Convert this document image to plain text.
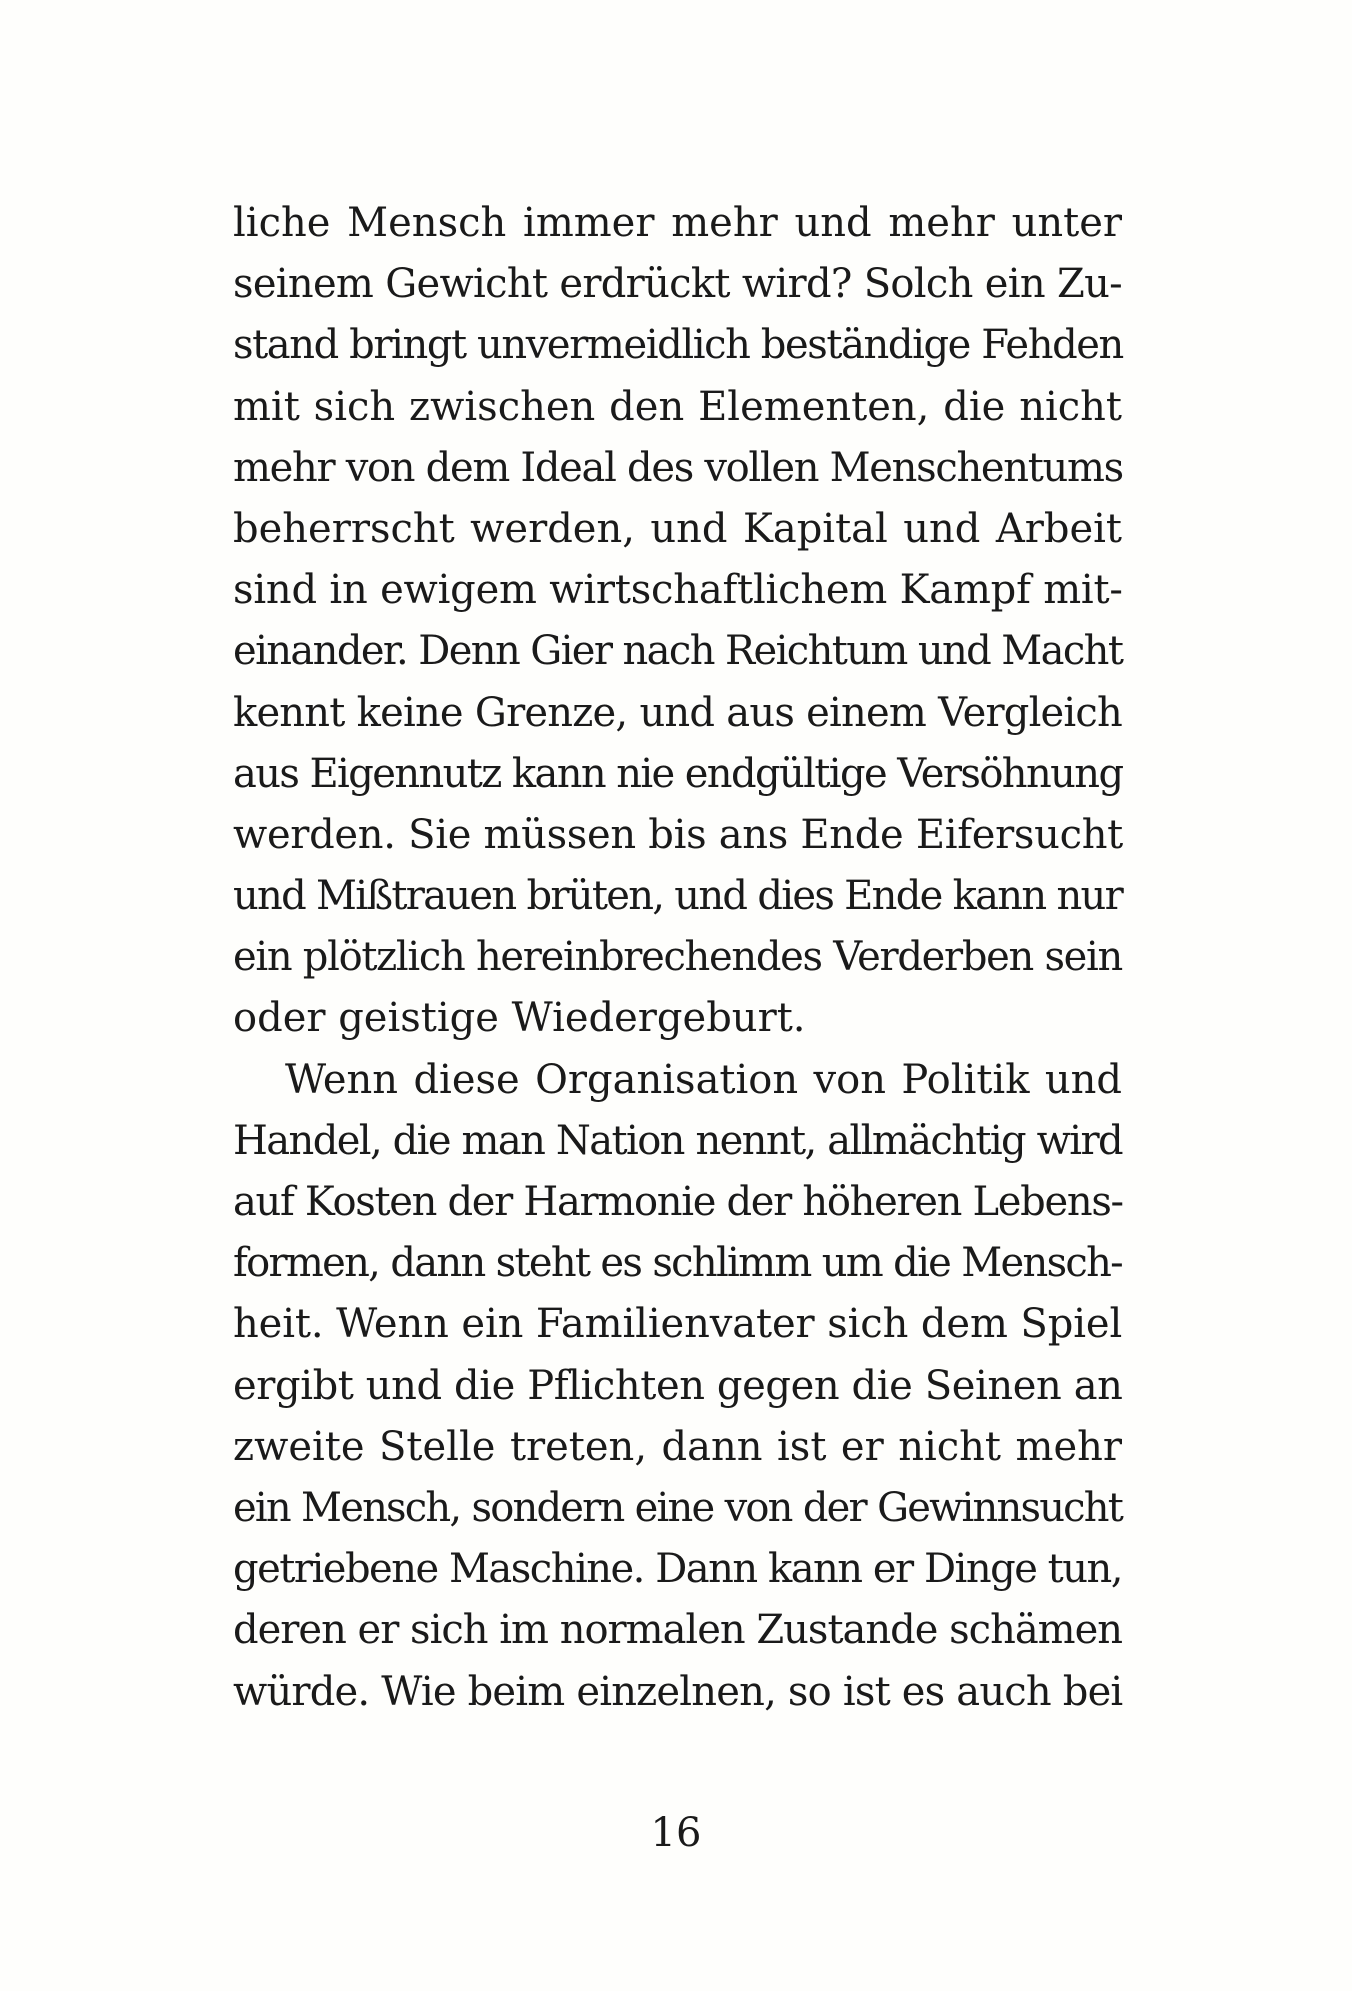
liche Mensch immer mehr und mehr unter
seinem Gewicht erdrückt wird? Solch ein Zu-
stand bringt unvermeidlich beständige Fehden
mit sich zwischen den Elementen, die nicht
mehr von dem Ideal des vollen Menschentums
beherrscht werden, und Kapital und Arbeit
sind in ewigem wirtschaftlichem Kampf mit-
einander. Denn Gier nach Reichtum und Macht
kennt keine Grenze, und aus einem Vergleich
aus Eigennutz kann nie endgültige Versöhnung
werden. Sie müssen bis ans Ende Eifersucht
und Mißtrauen brüten, und dies Ende kann nur
ein plötzlich hereinbrechendes Verderben sein
oder geistige Wiedergeburt.
Wenn diese Organisation von Politik und
Handel, die man Nation nennt, allmächtig wird
auf Kosten der Harmonie der höheren Lebens-
formen, dann steht es schlimm um die Mensch-
heit. Wenn ein Familienvater sich dem Spiel
ergibt und die Pflichten gegen die Seinen an
zweite Stelle treten, dann ist er nicht mehr
ein Mensch, sondern eine von der Gewinnsucht
getriebene Maschine. Dann kann er Dinge tun,
deren er sich im normalen Zustande schämen
würde. Wie beim einzelnen, so ist es auch bei
16
